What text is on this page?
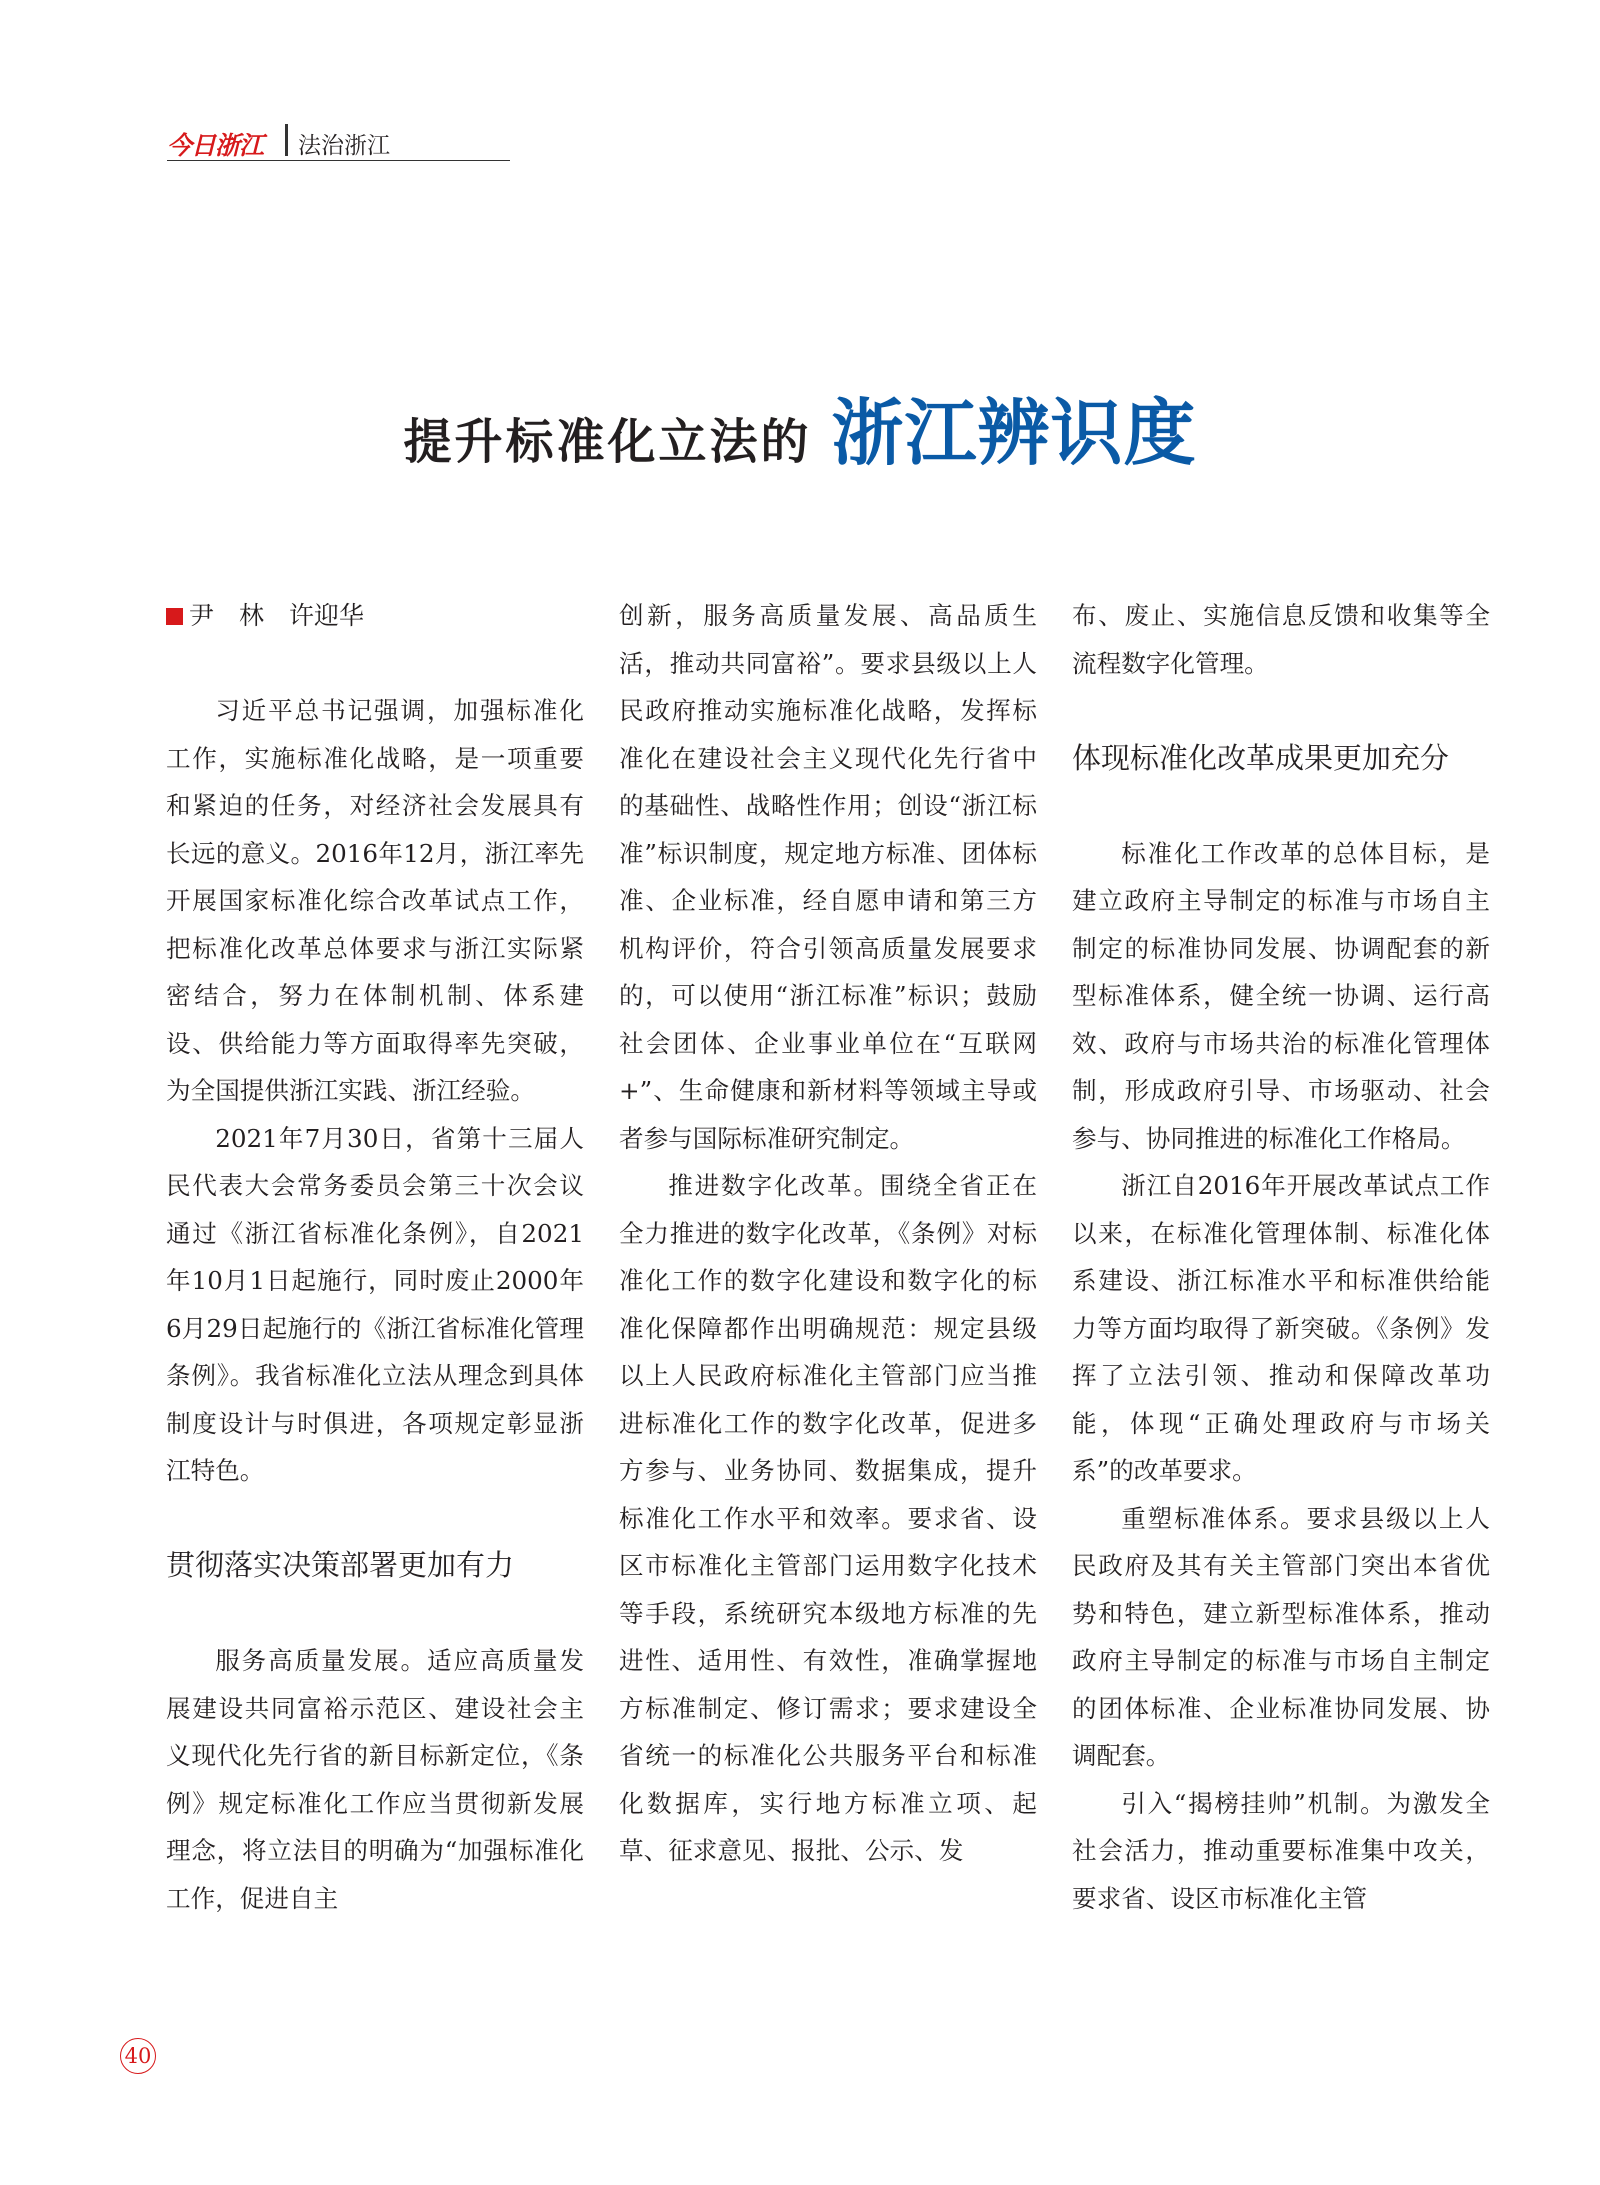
今日浙江 法治浙江
提升标准化立法的 浙江辨识度
尹　林　许迎华

习近平总书记强调，加强标准化工作，实施标准化战略，是一项重要和紧迫的任务，对经济社会发展具有长远的意义。2016年12月，浙江率先开展国家标准化综合改革试点工作，把标准化改革总体要求与浙江实际紧密结合，努力在体制机制、体系建设、供给能力等方面取得率先突破，为全国提供浙江实践、浙江经验。

2021年7月30日，省第十三届人民代表大会常务委员会第三十次会议通过《浙江省标准化条例》，自2021年10月1日起施行，同时废止2000年6月29日起施行的《浙江省标准化管理条例》。我省标准化立法从理念到具体制度设计与时俱进，各项规定彰显浙江特色。

贯彻落实决策部署更加有力

服务高质量发展。适应高质量发展建设共同富裕示范区、建设社会主义现代化先行省的新目标新定位，《条例》规定标准化工作应当贯彻新发展理念，将立法目的明确为“加强标准化工作，促进自主

创新，服务高质量发展、高品质生活，推动共同富裕”。要求县级以上人民政府推动实施标准化战略，发挥标准化在建设社会主义现代化先行省中的基础性、战略性作用；创设“浙江标准”标识制度，规定地方标准、团体标准、企业标准，经自愿申请和第三方机构评价，符合引领高质量发展要求的，可以使用“浙江标准”标识；鼓励社会团体、企业事业单位在“互联网+”、生命健康和新材料等领域主导或者参与国际标准研究制定。

推进数字化改革。围绕全省正在全力推进的数字化改革，《条例》对标准化工作的数字化建设和数字化的标准化保障都作出明确规范：规定县级以上人民政府标准化主管部门应当推进标准化工作的数字化改革，促进多方参与、业务协同、数据集成，提升标准化工作水平和效率。要求省、设区市标准化主管部门运用数字化技术等手段，系统研究本级地方标准的先进性、适用性、有效性，准确掌握地方标准制定、修订需求；要求建设全省统一的标准化公共服务平台和标准化数据库，实行地方标准立项、起草、征求意见、报批、公示、发

布、废止、实施信息反馈和收集等全流程数字化管理。

体现标准化改革成果更加充分

标准化工作改革的总体目标，是建立政府主导制定的标准与市场自主制定的标准协同发展、协调配套的新型标准体系，健全统一协调、运行高效、政府与市场共治的标准化管理体制，形成政府引导、市场驱动、社会参与、协同推进的标准化工作格局。

浙江自2016年开展改革试点工作以来，在标准化管理体制、标准化体系建设、浙江标准水平和标准供给能力等方面均取得了新突破。《条例》发挥了立法引领、推动和保障改革功能，体现“正确处理政府与市场关系”的改革要求。

重塑标准体系。要求县级以上人民政府及其有关主管部门突出本省优势和特色，建立新型标准体系，推动政府主导制定的标准与市场自主制定的团体标准、企业标准协同发展、协调配套。

引入“揭榜挂帅”机制。为激发全社会活力，推动重要标准集中攻关，要求省、设区市标准化主管

40
